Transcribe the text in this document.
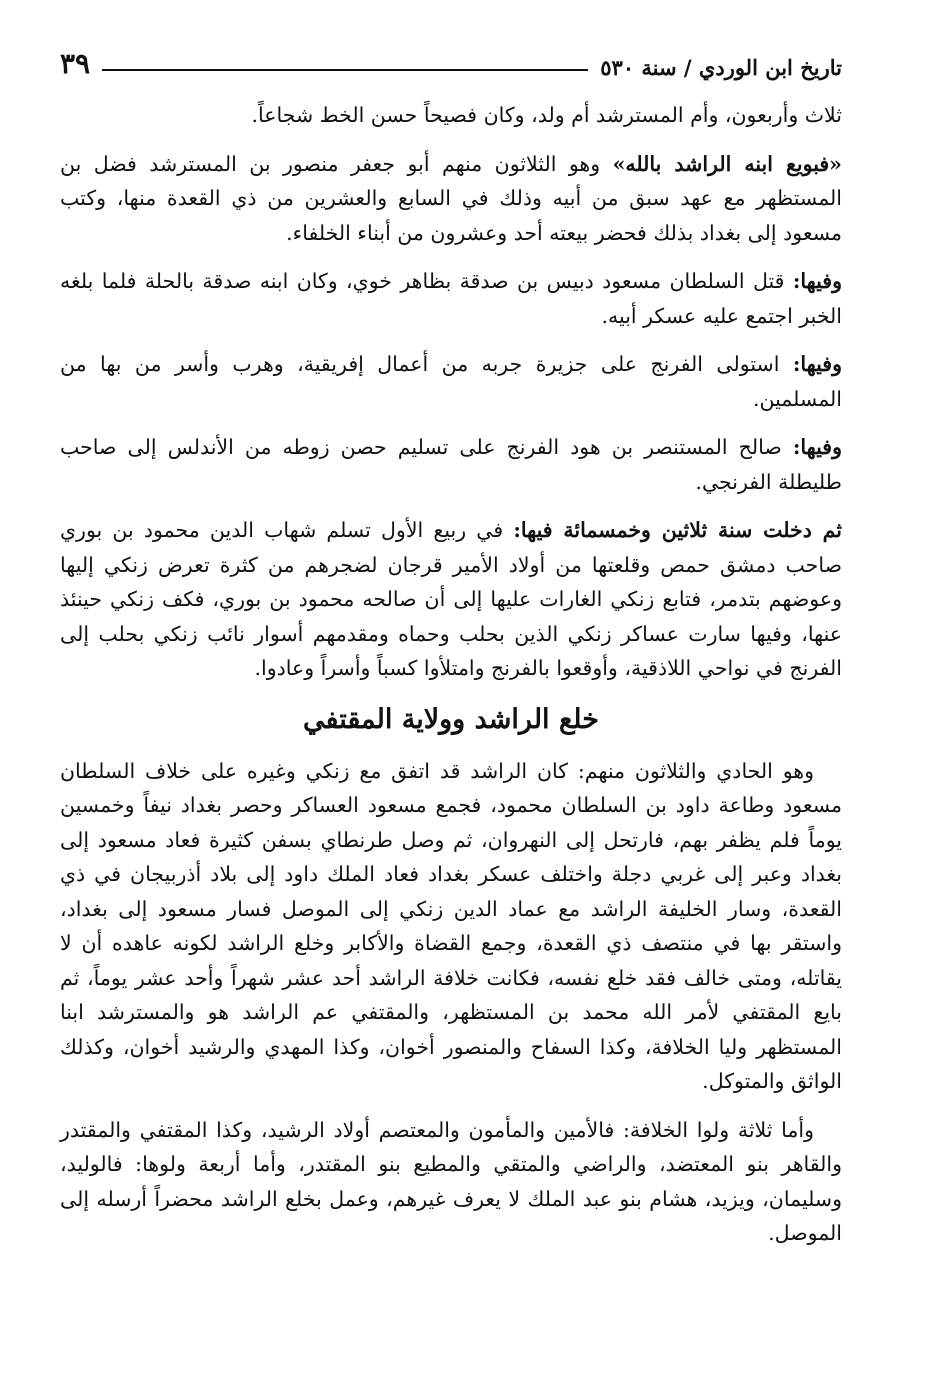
تاريخ ابن الوردي / سنة ٥٣٠
٣٩

ثلاث وأربعون، وأم المسترشد أم ولد، وكان فصيحاً حسن الخط شجاعاً.

«فبويع ابنه الراشد بالله» وهو الثلاثون منهم أبو جعفر منصور بن المسترشد فضل بن المستظهر مع عهد سبق من أبيه وذلك في السابع والعشرين من ذي القعدة منها، وكتب مسعود إلى بغداد بذلك فحضر بيعته أحد وعشرون من أبناء الخلفاء.

وفيها: قتل السلطان مسعود دبيس بن صدقة بظاهر خوي، وكان ابنه صدقة بالحلة فلما بلغه الخبر اجتمع عليه عسكر أبيه.

وفيها: استولى الفرنج على جزيرة جربه من أعمال إفريقية، وهرب وأسر من بها من المسلمين.

وفيها: صالح المستنصر بن هود الفرنج على تسليم حصن زوطه من الأندلس إلى صاحب طليطلة الفرنجي.

ثم دخلت سنة ثلاثين وخمسمائة فيها: في ربيع الأول تسلم شهاب الدين محمود بن بوري صاحب دمشق حمص وقلعتها من أولاد الأمير قرجان لضجرهم من كثرة تعرض زنكي إليها وعوضهم بتدمر، فتابع زنكي الغارات عليها إلى أن صالحه محمود بن بوري، فكف زنكي حينئذ عنها، وفيها سارت عساكر زنكي الذين بحلب وحماه ومقدمهم أسوار نائب زنكي بحلب إلى الفرنج في نواحي اللاذقية، وأوقعوا بالفرنج وامتلأوا كسباً وأسراً وعادوا.

خلع الراشد وولاية المقتفي

وهو الحادي والثلاثون منهم: كان الراشد قد اتفق مع زنكي وغيره على خلاف السلطان مسعود وطاعة داود بن السلطان محمود، فجمع مسعود العساكر وحصر بغداد نيفاً وخمسين يوماً فلم يظفر بهم، فارتحل إلى النهروان، ثم وصل طرنطاي بسفن كثيرة فعاد مسعود إلى بغداد وعبر إلى غربي دجلة واختلف عسكر بغداد فعاد الملك داود إلى بلاد أذربيجان في ذي القعدة، وسار الخليفة الراشد مع عماد الدين زنكي إلى الموصل فسار مسعود إلى بغداد، واستقر بها في منتصف ذي القعدة، وجمع القضاة والأكابر وخلع الراشد لكونه عاهده أن لا يقاتله، ومتى خالف فقد خلع نفسه، فكانت خلافة الراشد أحد عشر شهراً وأحد عشر يوماً، ثم بايع المقتفي لأمر الله محمد بن المستظهر، والمقتفي عم الراشد هو والمسترشد ابنا المستظهر وليا الخلافة، وكذا السفاح والمنصور أخوان، وكذا المهدي والرشيد أخوان، وكذلك الواثق والمتوكل.

وأما ثلاثة ولوا الخلافة: فالأمين والمأمون والمعتصم أولاد الرشيد، وكذا المقتفي والمقتدر والقاهر بنو المعتضد، والراضي والمتقي والمطيع بنو المقتدر، وأما أربعة ولوها: فالوليد، وسليمان، ويزيد، هشام بنو عبد الملك لا يعرف غيرهم، وعمل بخلع الراشد محضراً أرسله إلى الموصل.
